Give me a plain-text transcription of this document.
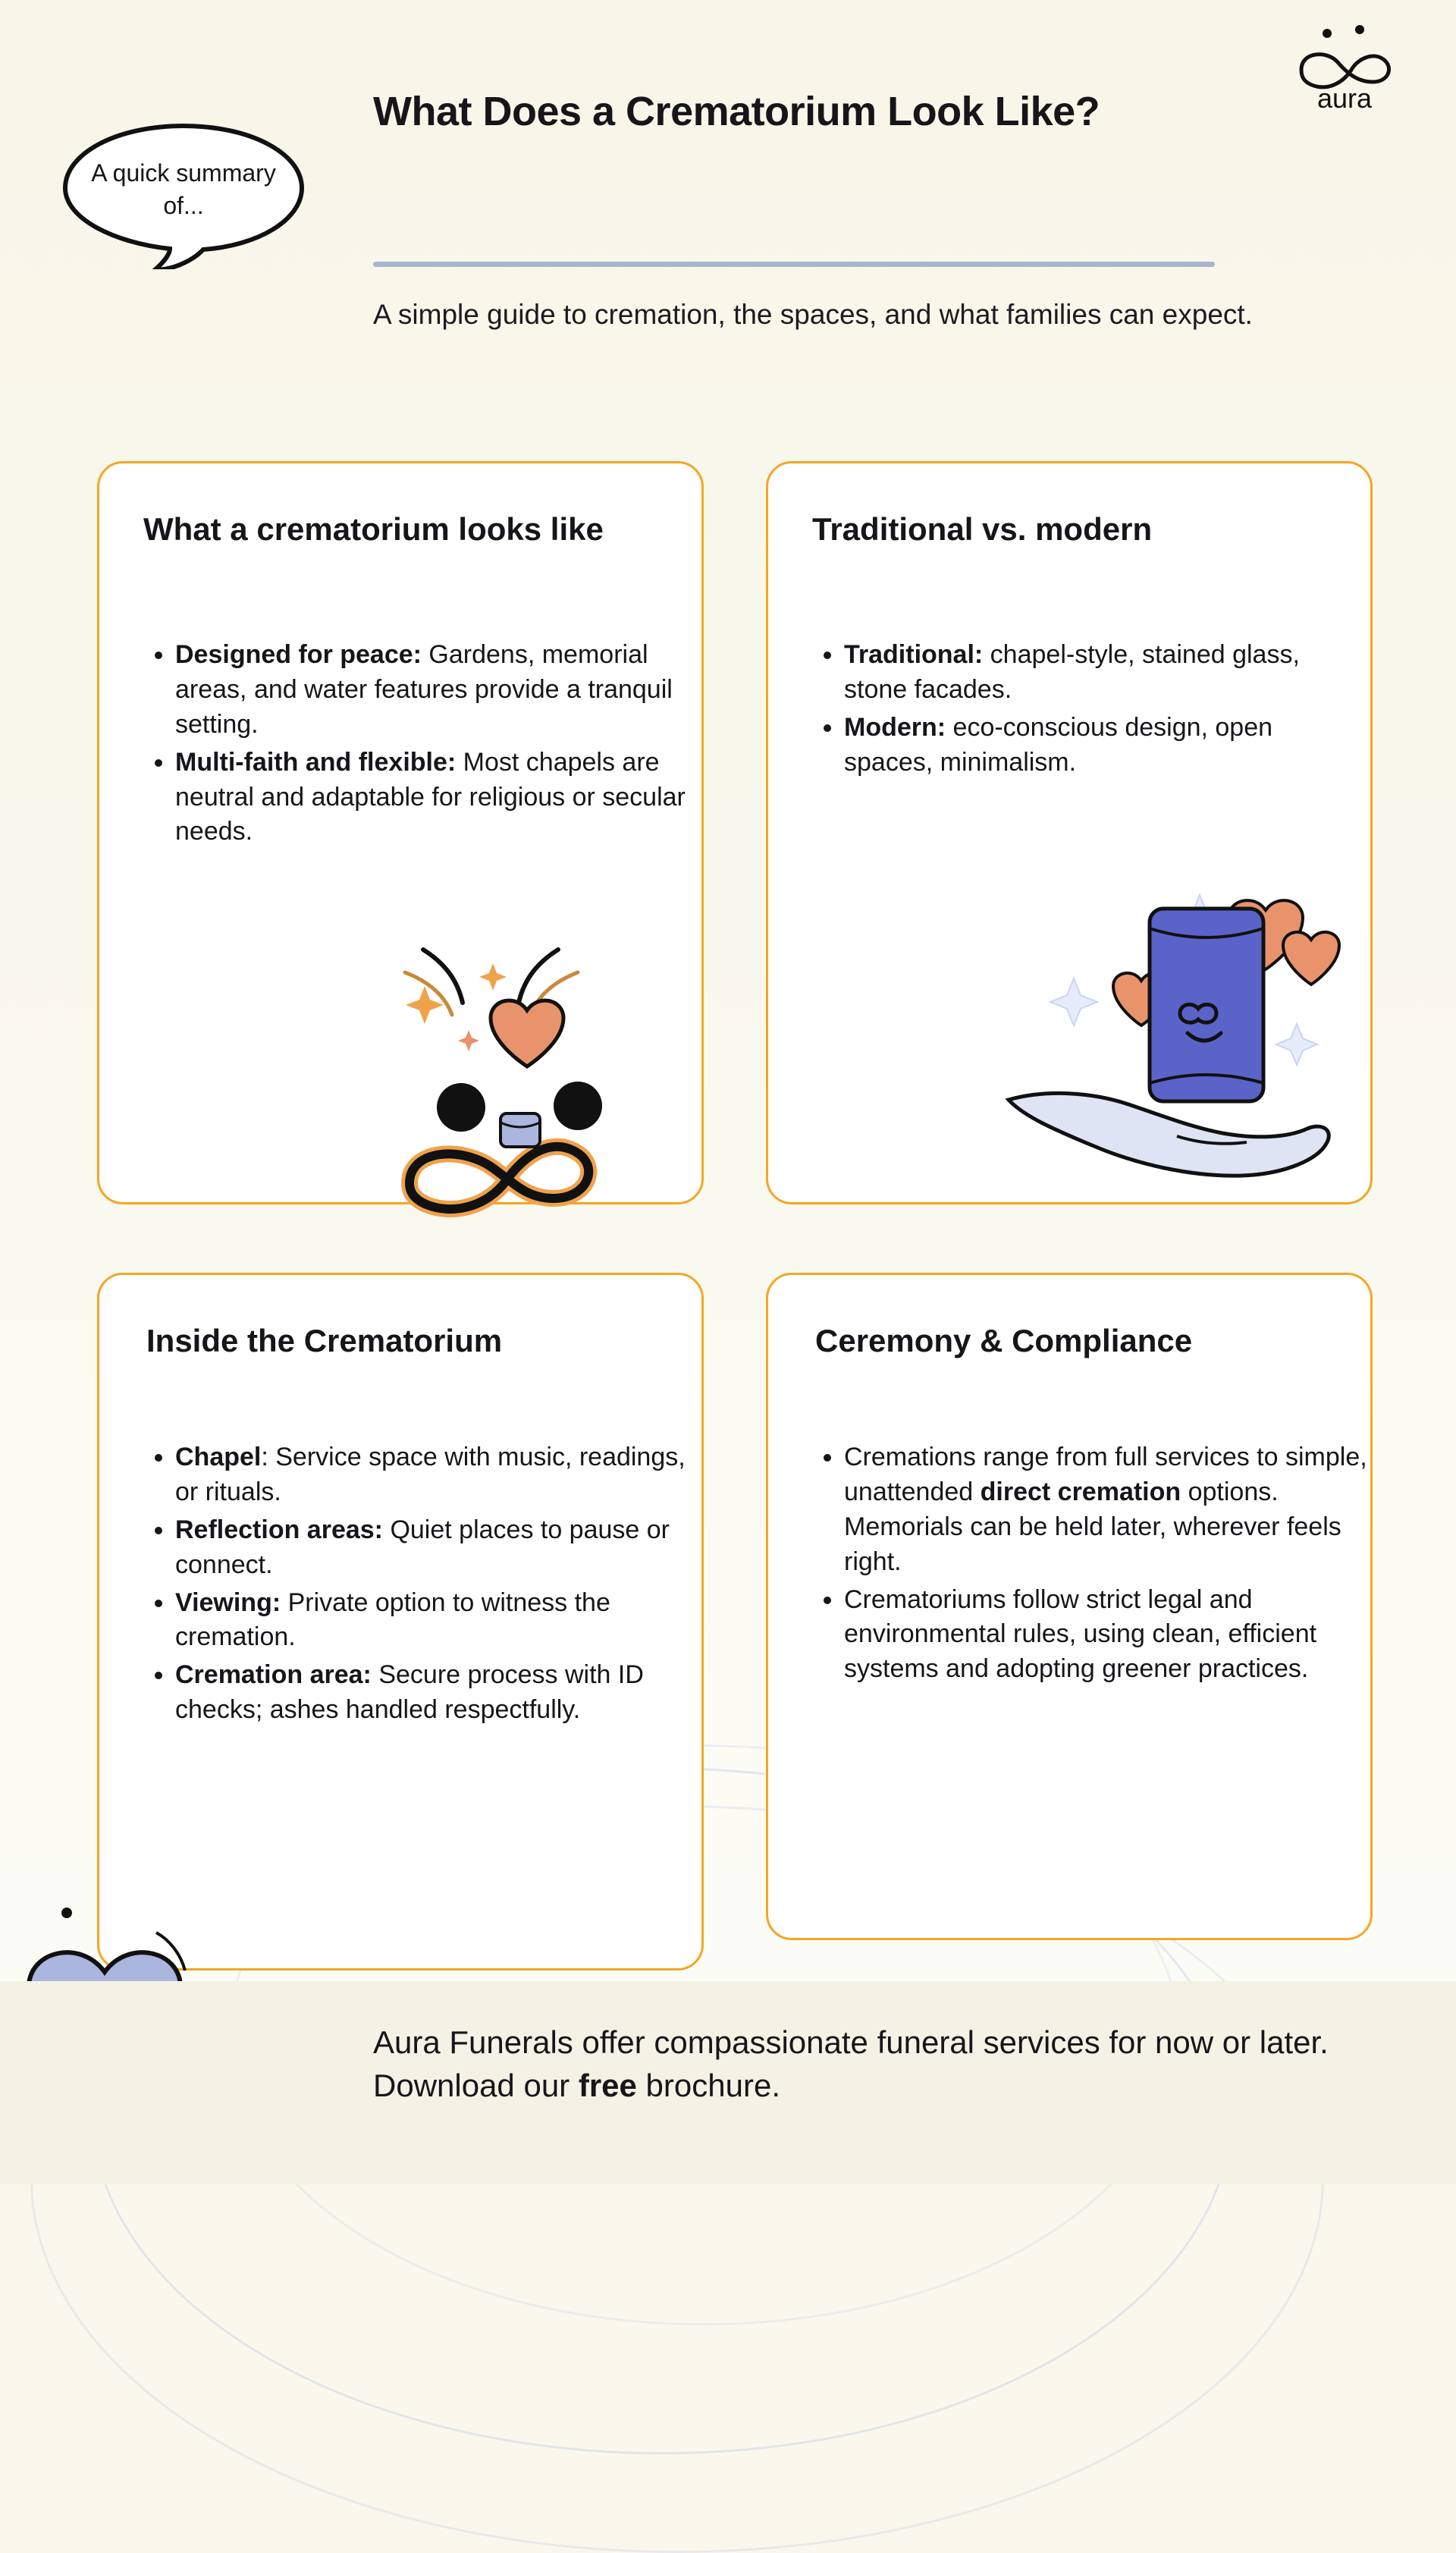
aura
A quick summary of...
What Does a Crematorium Look Like?
A simple guide to cremation, the spaces, and what families can expect.
What a crematorium looks like
• Designed for peace: Gardens, memorial areas, and water features provide a tranquil setting.
• Multi-faith and flexible: Most chapels are neutral and adaptable for religious or secular needs.
Traditional vs. modern
• Traditional: chapel-style, stained glass, stone facades.
• Modern: eco-conscious design, open spaces, minimalism.
Inside the Crematorium
• Chapel: Service space with music, readings, or rituals.
• Reflection areas: Quiet places to pause or connect.
• Viewing: Private option to witness the cremation.
• Cremation area: Secure process with ID checks; ashes handled respectfully.
Ceremony & Compliance
• Cremations range from full services to simple, unattended direct cremation options. Memorials can be held later, wherever feels right.
• Crematoriums follow strict legal and environmental rules, using clean, efficient systems and adopting greener practices.
Aura Funerals offer compassionate funeral services for now or later. Download our free brochure.
